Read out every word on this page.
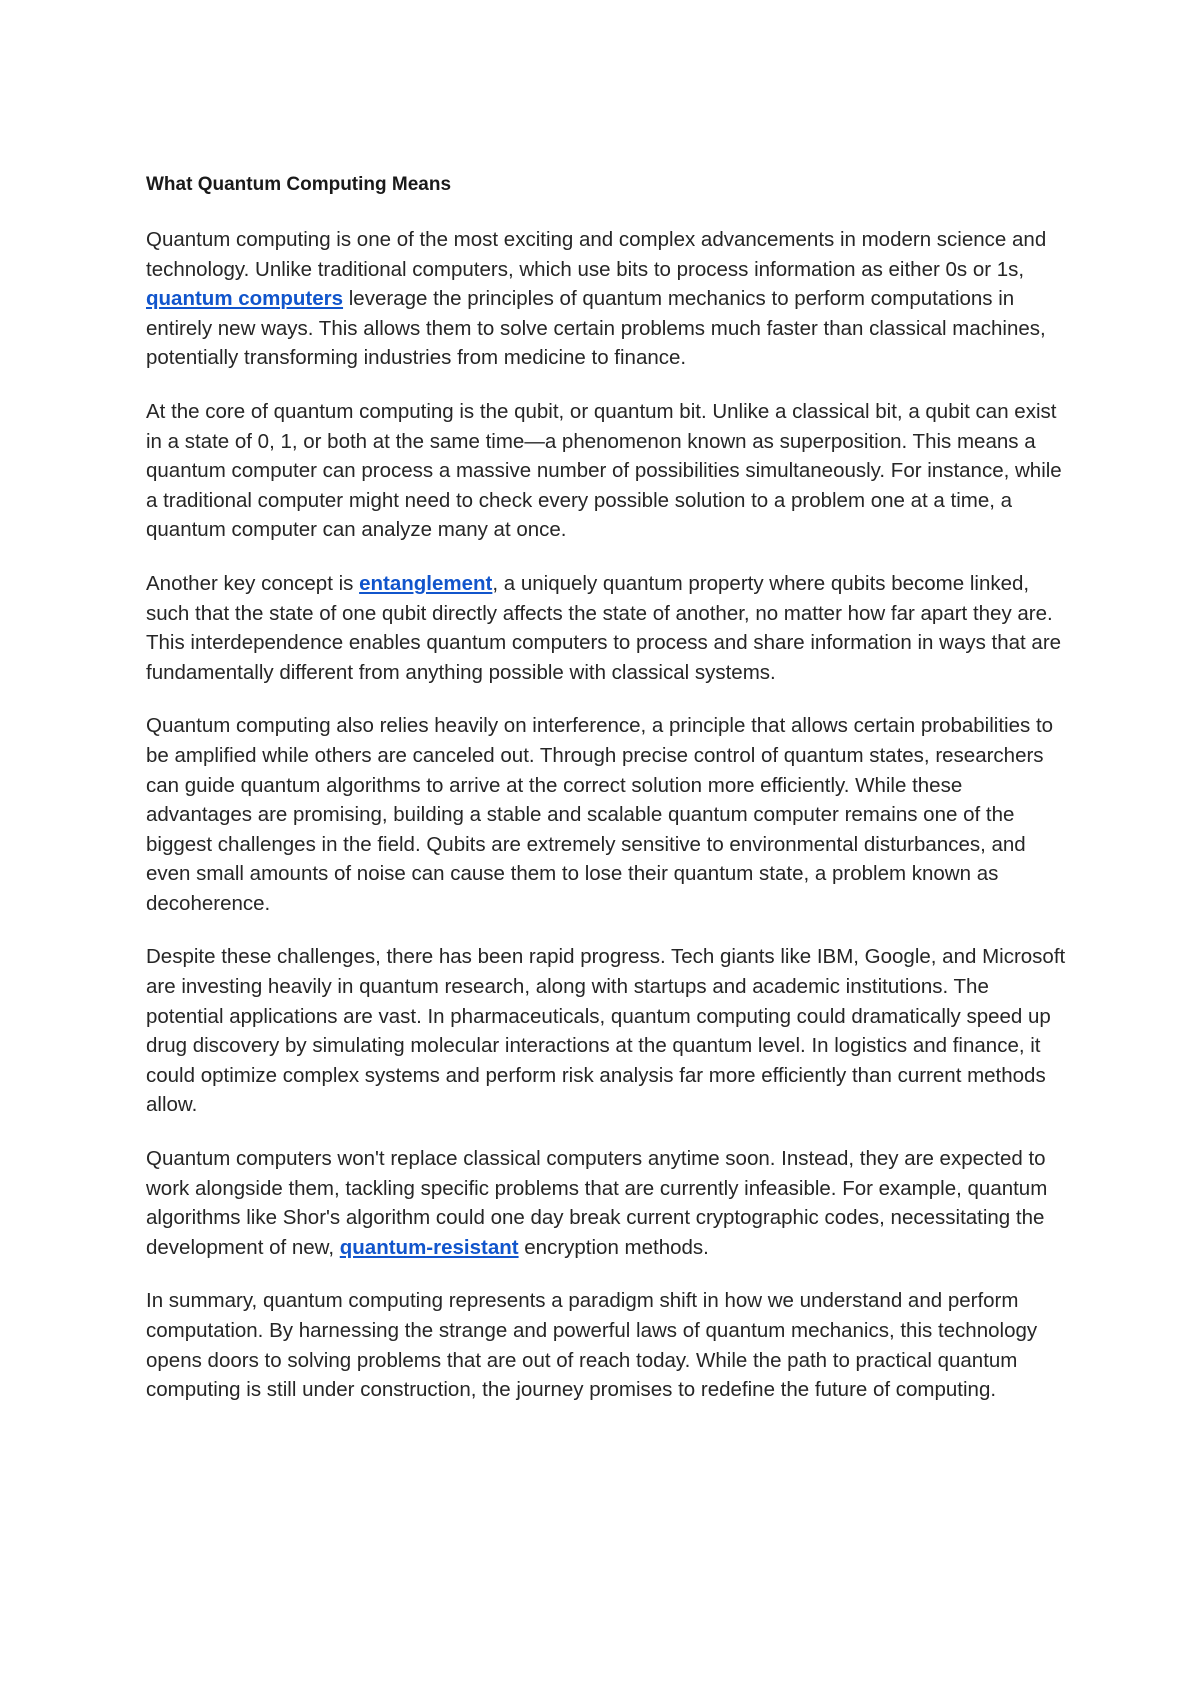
What Quantum Computing Means

Quantum computing is one of the most exciting and complex advancements in modern science and technology. Unlike traditional computers, which use bits to process information as either 0s or 1s, quantum computers leverage the principles of quantum mechanics to perform computations in entirely new ways. This allows them to solve certain problems much faster than classical machines, potentially transforming industries from medicine to finance.

At the core of quantum computing is the qubit, or quantum bit. Unlike a classical bit, a qubit can exist in a state of 0, 1, or both at the same time—a phenomenon known as superposition. This means a quantum computer can process a massive number of possibilities simultaneously. For instance, while a traditional computer might need to check every possible solution to a problem one at a time, a quantum computer can analyze many at once.

Another key concept is entanglement, a uniquely quantum property where qubits become linked, such that the state of one qubit directly affects the state of another, no matter how far apart they are. This interdependence enables quantum computers to process and share information in ways that are fundamentally different from anything possible with classical systems.

Quantum computing also relies heavily on interference, a principle that allows certain probabilities to be amplified while others are canceled out. Through precise control of quantum states, researchers can guide quantum algorithms to arrive at the correct solution more efficiently. While these advantages are promising, building a stable and scalable quantum computer remains one of the biggest challenges in the field. Qubits are extremely sensitive to environmental disturbances, and even small amounts of noise can cause them to lose their quantum state, a problem known as decoherence.

Despite these challenges, there has been rapid progress. Tech giants like IBM, Google, and Microsoft are investing heavily in quantum research, along with startups and academic institutions. The potential applications are vast. In pharmaceuticals, quantum computing could dramatically speed up drug discovery by simulating molecular interactions at the quantum level. In logistics and finance, it could optimize complex systems and perform risk analysis far more efficiently than current methods allow.

Quantum computers won't replace classical computers anytime soon. Instead, they are expected to work alongside them, tackling specific problems that are currently infeasible. For example, quantum algorithms like Shor's algorithm could one day break current cryptographic codes, necessitating the development of new, quantum-resistant encryption methods.

In summary, quantum computing represents a paradigm shift in how we understand and perform computation. By harnessing the strange and powerful laws of quantum mechanics, this technology opens doors to solving problems that are out of reach today. While the path to practical quantum computing is still under construction, the journey promises to redefine the future of computing.
